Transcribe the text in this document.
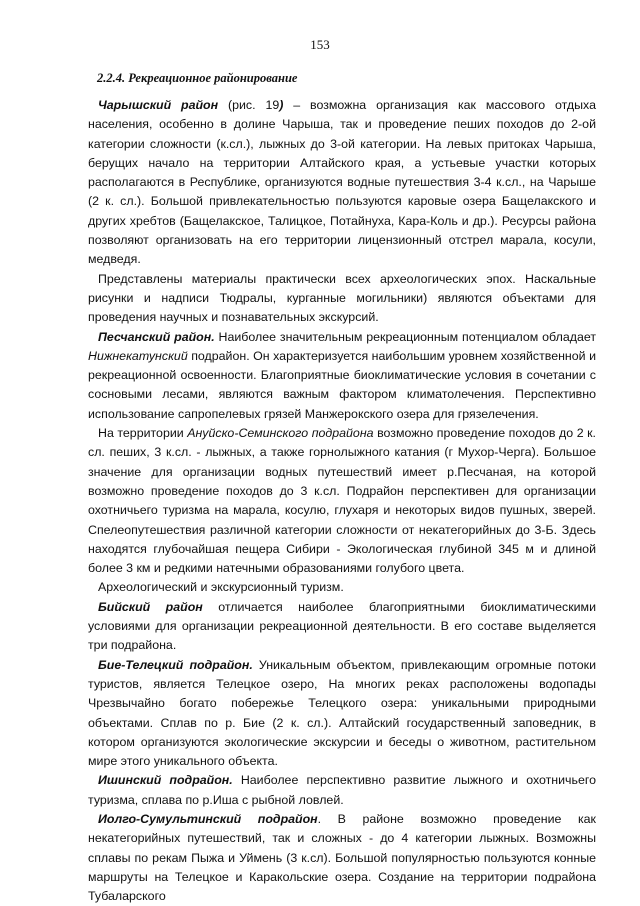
153
2.2.4. Рекреационное районирование

Чарышский район (рис. 19) – возможна организация как массового отдыха населения, особенно в долине Чарыша, так и проведение пеших походов до 2-ой категории сложности (к.сл.), лыжных до 3-ой категории. На левых притоках Чарыша, берущих начало на территории Алтайского края, а устьевые участки которых располагаются в Республике, организуются водные путешествия 3-4 к.сл., на Чарыше (2 к. сл.). Большой привлекательностью пользуются каровые озера Бащелакского и других хребтов (Бащелакское, Талицкое, Потайнуха, Кара-Коль и др.). Ресурсы района позволяют организовать на его территории лицензионный отстрел марала, косули, медведя.

Представлены материалы практически всех археологических эпох. Наскальные рисунки и надписи Тюдралы, курганные могильники) являются объектами для проведения научных и познавательных экскурсий.

Песчанский район. Наиболее значительным рекреационным потенциалом обладает Нижнекатунский подрайон. Он характеризуется наибольшим уровнем хозяйственной и рекреационной освоенности. Благоприятные биоклиматические условия в сочетании с сосновыми лесами, являются важным фактором климатолечения. Перспективно использование сапропелевых грязей Манжерокского озера для грязелечения.

На территории Ануйско-Семинского подрайона возможно проведение походов до 2 к. сл. пеших, 3 к.сл. - лыжных, а также горнолыжного катания (г Мухор-Черга). Большое значение для организации водных путешествий имеет р.Песчаная, на которой возможно проведение походов до 3 к.сл. Подрайон перспективен для организации охотничьего туризма на марала, косулю, глухаря и некоторых видов пушных, зверей. Спелеопутешествия различной категории сложности от некатегорийных до 3-Б. Здесь находятся глубочайшая пещера Сибири - Экологическая глубиной 345 м и длиной более 3 км и редкими натечными образованиями голубого цвета.

Археологический и экскурсионный туризм.

Бийский район отличается наиболее благоприятными биоклиматическими условиями для организации рекреационной деятельности. В его составе выделяется три подрайона.

Бие-Телецкий подрайон. Уникальным объектом, привлекающим огромные потоки туристов, является Телецкое озеро, На многих реках расположены водопады Чрезвычайно богато побережье Телецкого озера: уникальными природными объектами. Сплав по р. Бие (2 к. сл.). Алтайский государственный заповедник, в котором организуются экологические экскурсии и беседы о животном, растительном мире этого уникального объекта.

Ишинский подрайон. Наиболее перспективно развитие лыжного и охотничьего туризма, сплава по р.Иша с рыбной ловлей.

Иолго-Сумультинский подрайон. В районе возможно проведение как некатегорийных путешествий, так и сложных - до 4 категории лыжных. Возможны сплавы по рекам Пыжа и Уймень (3 к.сл). Большой популярностью пользуются конные маршруты на Телецкое и Каракольские озера. Создание на территории подрайона Тубаларского
